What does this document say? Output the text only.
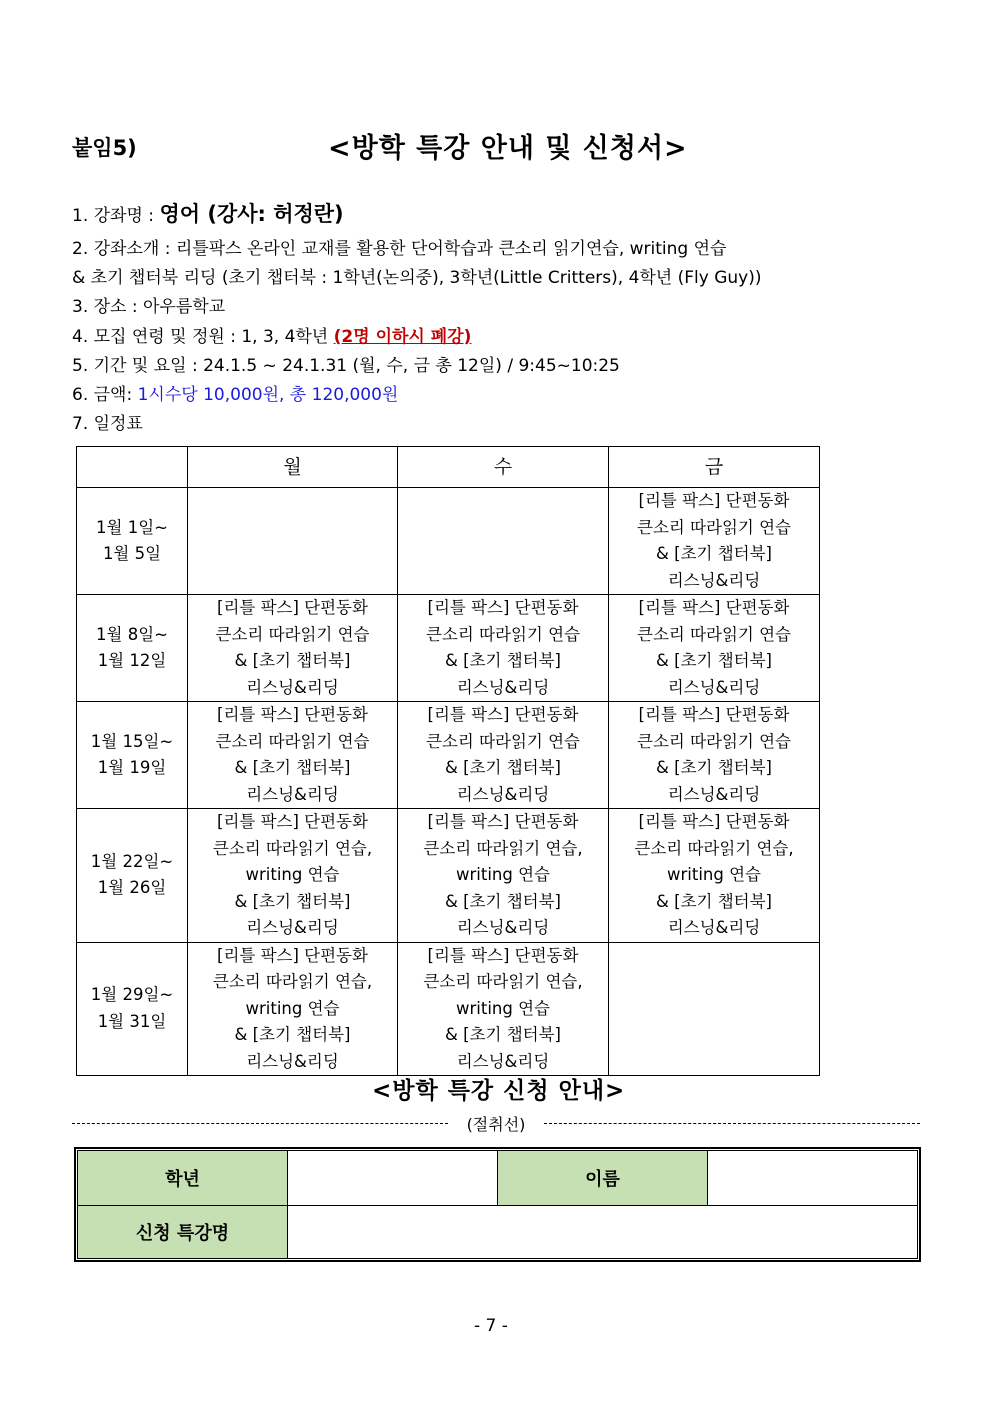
붙임5)	<방학 특강 안내 및 신청서>
1. 강좌명 : 영어 (강사: 허정란)
2. 강좌소개 : 리틀팍스 온라인 교재를 활용한 단어학습과 큰소리 읽기연습, writing 연습
& 초기 챕터북 리딩 (초기 챕터북 : 1학년(논의중), 3학년(Little Critters), 4학년 (Fly Guy))
3. 장소 : 아우름학교
4. 모집 연령 및 정원 : 1, 3, 4학년 (2명 이하시 폐강)
5. 기간 및 요일 : 24.1.5 ~ 24.1.31 (월, 수, 금 총 12일) / 9:45~10:25
6. 금액: 1시수당 10,000원, 총 120,000원
7. 일정표
	월	수	금

1월 1일~
1월 5일			[리틀 팍스] 단편동화
큰소리 따라읽기 연습
& [초기 챕터북]
리스닝&리딩

1월 8일~
1월 12일	[리틀 팍스] 단편동화
큰소리 따라읽기 연습
& [초기 챕터북]
리스닝&리딩	[리틀 팍스] 단편동화
큰소리 따라읽기 연습
& [초기 챕터북]
리스닝&리딩	[리틀 팍스] 단편동화
큰소리 따라읽기 연습
& [초기 챕터북]
리스닝&리딩

1월 15일~
1월 19일	[리틀 팍스] 단편동화
큰소리 따라읽기 연습
& [초기 챕터북]
리스닝&리딩	[리틀 팍스] 단편동화
큰소리 따라읽기 연습
& [초기 챕터북]
리스닝&리딩	[리틀 팍스] 단편동화
큰소리 따라읽기 연습
& [초기 챕터북]
리스닝&리딩

1월 22일~
1월 26일	[리틀 팍스] 단편동화
큰소리 따라읽기 연습,
writing 연습
& [초기 챕터북]
리스닝&리딩	[리틀 팍스] 단편동화
큰소리 따라읽기 연습,
writing 연습
& [초기 챕터북]
리스닝&리딩	[리틀 팍스] 단편동화
큰소리 따라읽기 연습,
writing 연습
& [초기 챕터북]
리스닝&리딩

1월 29일~
1월 31일	[리틀 팍스] 단편동화
큰소리 따라읽기 연습,
writing 연습
& [초기 챕터북]
리스닝&리딩	[리틀 팍스] 단편동화
큰소리 따라읽기 연습,
writing 연습
& [초기 챕터북]
리스닝&리딩	

<방학 특강 신청 안내>
(절취선)
학년		이름	
신청 특강명			
- 7 -
